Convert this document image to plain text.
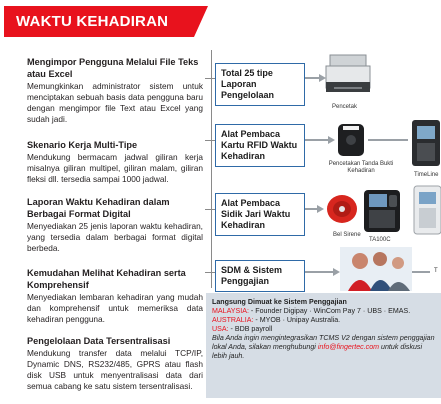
WAKTU KEHADIRAN
Mengimpor Pengguna Melalui File Teks atau Excel

Memungkinkan administrator sistem untuk menciptakan sebuah basis data pengguna baru dengan mengimpor file Text atau Excel yang sudah jadi.

Skenario Kerja Multi-Tipe

Mendukung bermacam jadwal giliran kerja misalnya giliran multipel, giliran malam, giliran fleksi dll. tersedia sampai 1000 jadwal.

Laporan Waktu Kehadiran dalam Berbagai Format Digital

Menyediakan 25 jenis laporan waktu kehadiran, yang tersedia dalam berbagai format digital berbeda.

Kemudahan Melihat Kehadiran serta Komprehensif

Menyediakan lembaran kehadiran yang mudah dan komprehensif untuk memeriksa data kehadiran pengguna.

Pengelolaan Data Tersentralisasi

Mendukung transfer data melalui TCP/IP, Dynamic DNS, RS232/485, GPRS atau flash disk USB untuk menyentralisasi data dari semua cabang ke satu sistem tersentralisasi.

Total 25 tipe Laporan Pengelolaan
Alat Pembaca Kartu RFID Waktu Kehadiran
Alat Pembaca Sidik Jari Waktu Kehadiran
SDM & Sistem Penggajian
Pencetak
Pencetakan Tanda Bukti Kehadiran
TimeLine
Bel Sirene
TA100C
T
Langsung Dimuat ke Sistem Penggajian
MALAYSIA: - Founder Digipay · WinCom Pay 7 · UBS · EMAS.
AUSTRALIA: - MYOB · Unipay Australia.
USA: - BDB payroll
Bila Anda ingin mengintegrasikan TCMS V2 dengan sistem penggajian lokal Anda, silakan menghubungi info@fingertec.com untuk diskusi lebih jauh.
